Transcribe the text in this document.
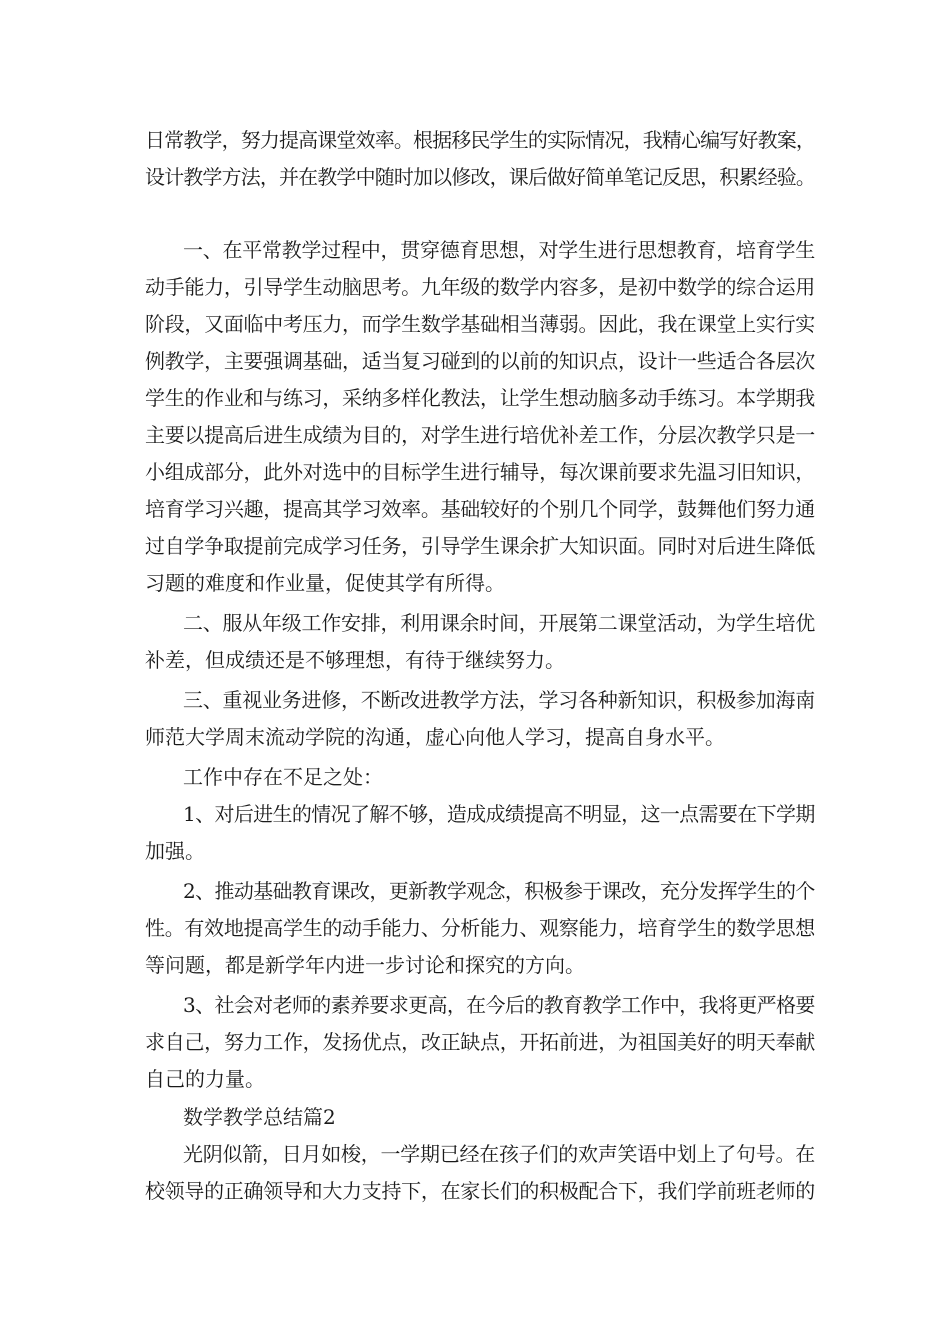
日常教学，努力提高课堂效率。根据移民学生的实际情况，我精心编写好教案，
设计教学方法，并在教学中随时加以修改，课后做好简单笔记反思，积累经验。
一、在平常教学过程中，贯穿德育思想，对学生进行思想教育，培育学生
动手能力，引导学生动脑思考。九年级的数学内容多，是初中数学的综合运用
阶段，又面临中考压力，而学生数学基础相当薄弱。因此，我在课堂上实行实
例教学，主要强调基础，适当复习碰到的以前的知识点，设计一些适合各层次
学生的作业和与练习，采纳多样化教法，让学生想动脑多动手练习。本学期我
主要以提高后进生成绩为目的，对学生进行培优补差工作，分层次教学只是一
小组成部分，此外对选中的目标学生进行辅导，每次课前要求先温习旧知识，
培育学习兴趣，提高其学习效率。基础较好的个别几个同学，鼓舞他们努力通
过自学争取提前完成学习任务，引导学生课余扩大知识面。同时对后进生降低
习题的难度和作业量，促使其学有所得。
二、服从年级工作安排，利用课余时间，开展第二课堂活动，为学生培优
补差，但成绩还是不够理想，有待于继续努力。
三、重视业务进修，不断改进教学方法，学习各种新知识，积极参加海南
师范大学周末流动学院的沟通，虚心向他人学习，提高自身水平。
工作中存在不足之处：
1、对后进生的情况了解不够，造成成绩提高不明显，这一点需要在下学期
加强。
2、推动基础教育课改，更新教学观念，积极参于课改，充分发挥学生的个
性。有效地提高学生的动手能力、分析能力、观察能力，培育学生的数学思想
等问题，都是新学年内进一步讨论和探究的方向。
3、社会对老师的素养要求更高，在今后的教育教学工作中，我将更严格要
求自己，努力工作，发扬优点，改正缺点，开拓前进，为祖国美好的明天奉献
自己的力量。
数学教学总结篇2
光阴似箭，日月如梭，一学期已经在孩子们的欢声笑语中划上了句号。在
校领导的正确领导和大力支持下，在家长们的积极配合下，我们学前班老师的
